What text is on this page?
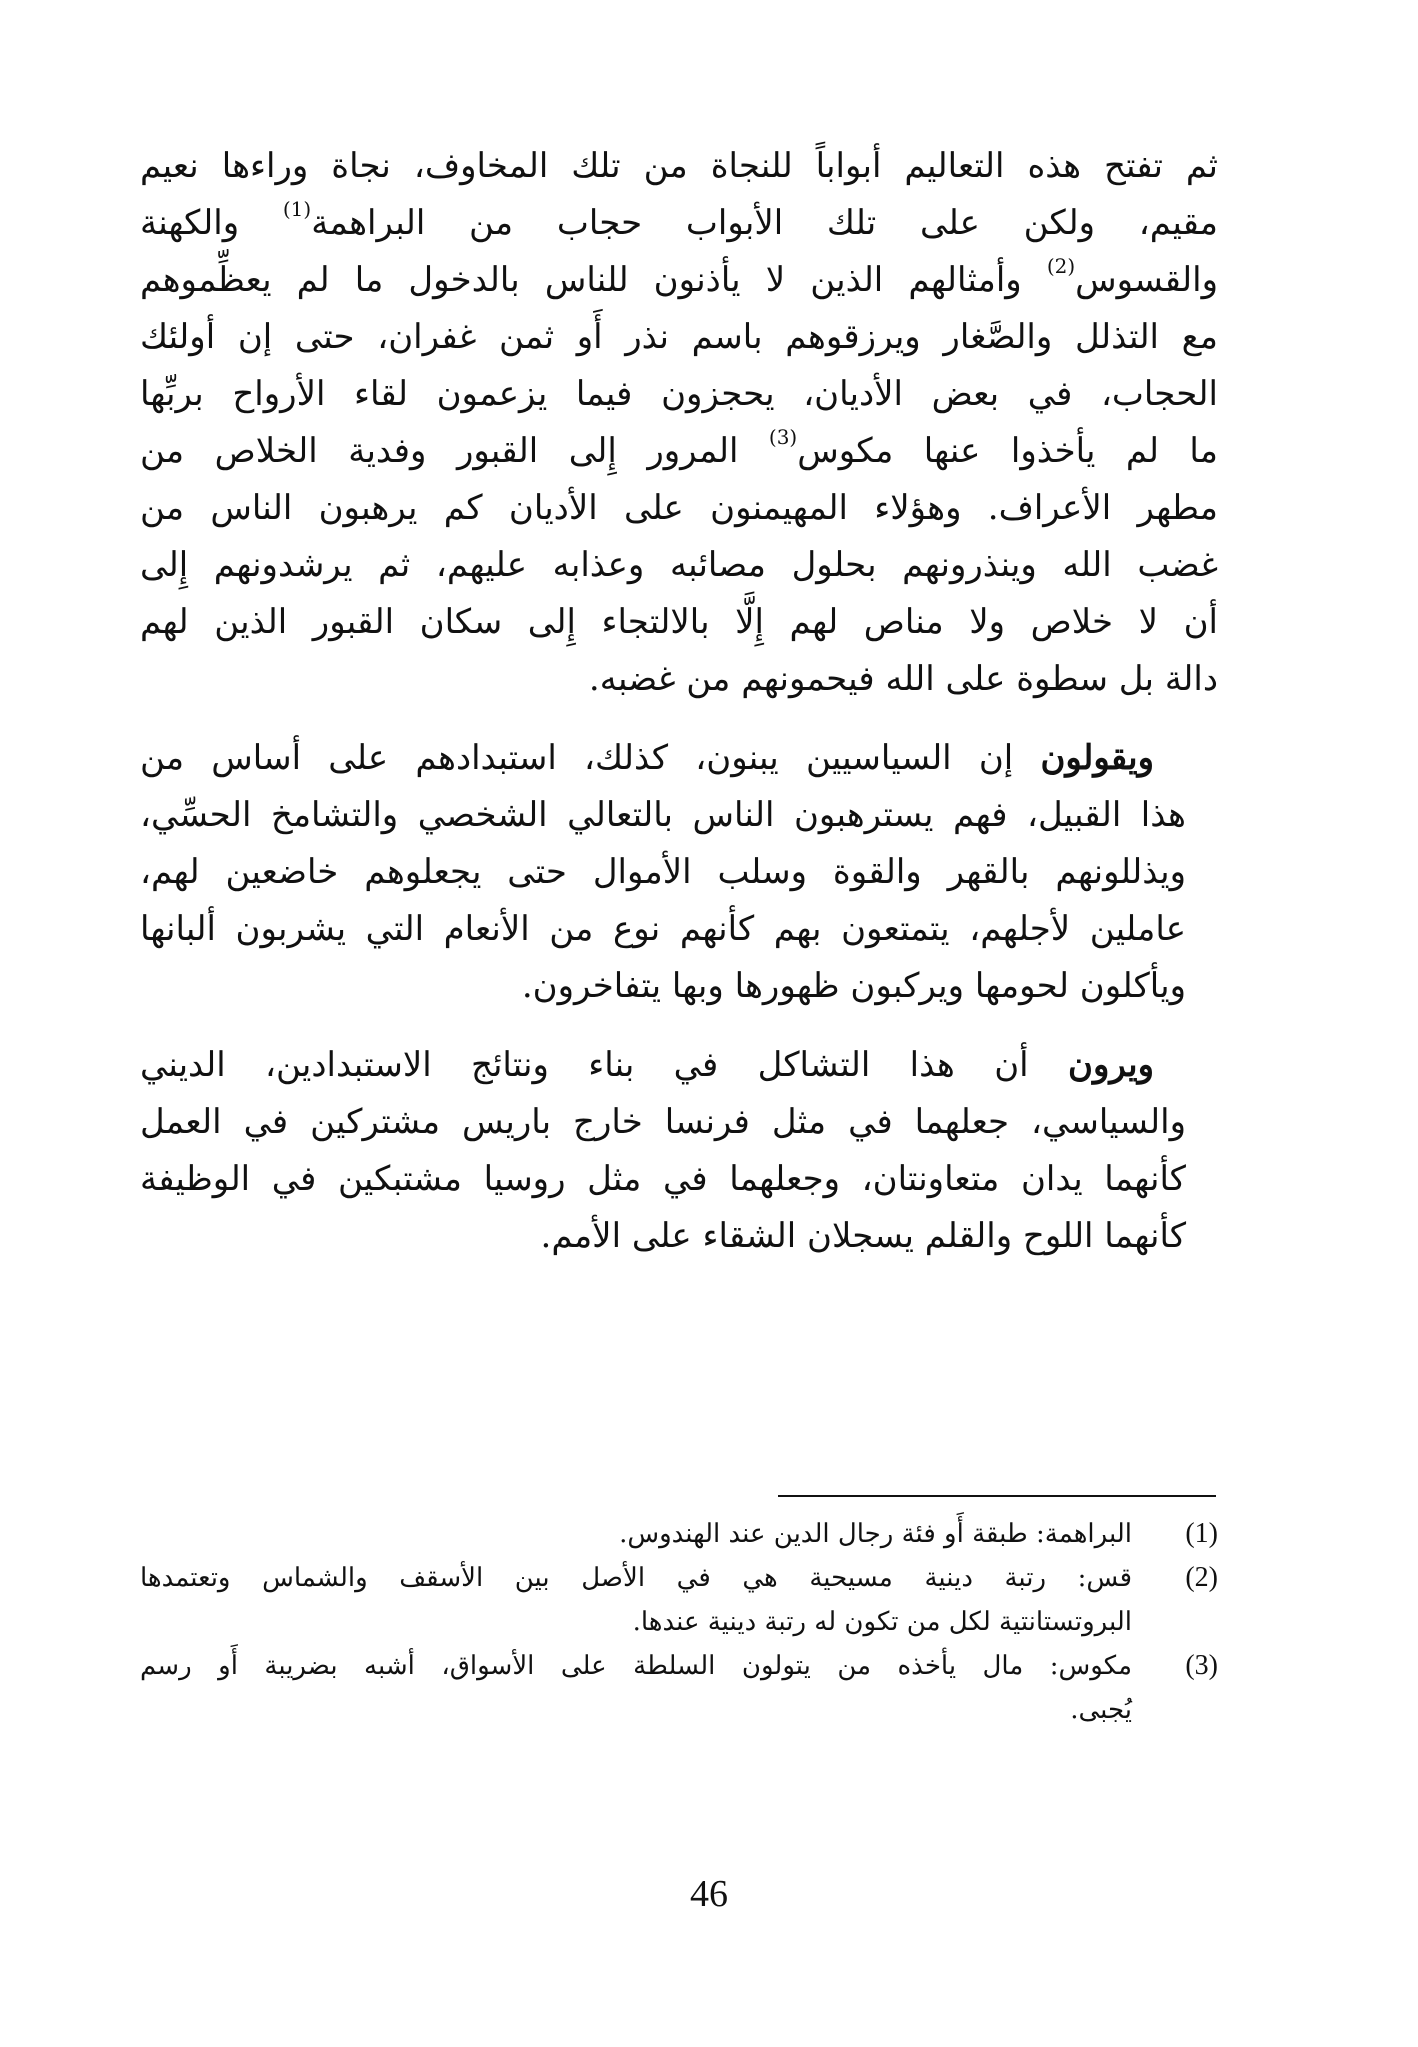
ثم تفتح هذه التعاليم أبواباً للنجاة من تلك المخاوف، نجاة وراءها نعيم
مقيم، ولكن على تلك الأبواب حجاب من البراهمة$^{(1)}$ والكهنة
والقسوس$^{(2)}$ وأمثالهم الذين لا يأذنون للناس بالدخول ما لم يعظِّموهم
مع التذلل والصَّغار ويرزقوهم باسم نذر أَو ثمن غفران، حتى إن أولئك
الحجاب، في بعض الأديان، يحجزون فيما يزعمون لقاء الأرواح بربِّها
ما لم يأخذوا عنها مكوس$^{(3)}$ المرور إِلى القبور وفدية الخلاص من
مطهر الأعراف. وهؤلاء المهيمنون على الأديان كم يرهبون الناس من
غضب الله وينذرونهم بحلول مصائبه وعذابه عليهم، ثم يرشدونهم إِلى
أن لا خلاص ولا مناص لهم إِلَّا بالالتجاء إِلى سكان القبور الذين لهم
دالة بل سطوة على الله فيحمونهم من غضبه.
ويقولون إن السياسيين يبنون، كذلك، استبدادهم على أساس من
هذا القبيل، فهم يسترهبون الناس بالتعالي الشخصي والتشامخ الحسِّي،
ويذللونهم بالقهر والقوة وسلب الأموال حتى يجعلوهم خاضعين لهم،
عاملين لأجلهم، يتمتعون بهم كأنهم نوع من الأنعام التي يشربون ألبانها
ويأكلون لحومها ويركبون ظهورها وبها يتفاخرون.
ويرون أن هذا التشاكل في بناء ونتائج الاستبدادين، الديني
والسياسي، جعلهما في مثل فرنسا خارج باريس مشتركين في العمل
كأنهما يدان متعاونتان، وجعلهما في مثل روسيا مشتبكين في الوظيفة
كأنهما اللوح والقلم يسجلان الشقاء على الأمم.
(1)
البراهمة: طبقة أَو فئة رجال الدين عند الهندوس.
(2)
قس: رتبة دينية مسيحية هي في الأصل بين الأسقف والشماس وتعتمدها
البروتستانتية لكل من تكون له رتبة دينية عندها.
(3)
مكوس: مال يأخذه من يتولون السلطة على الأسواق، أشبه بضريبة أَو رسم
يُجبى.
46
